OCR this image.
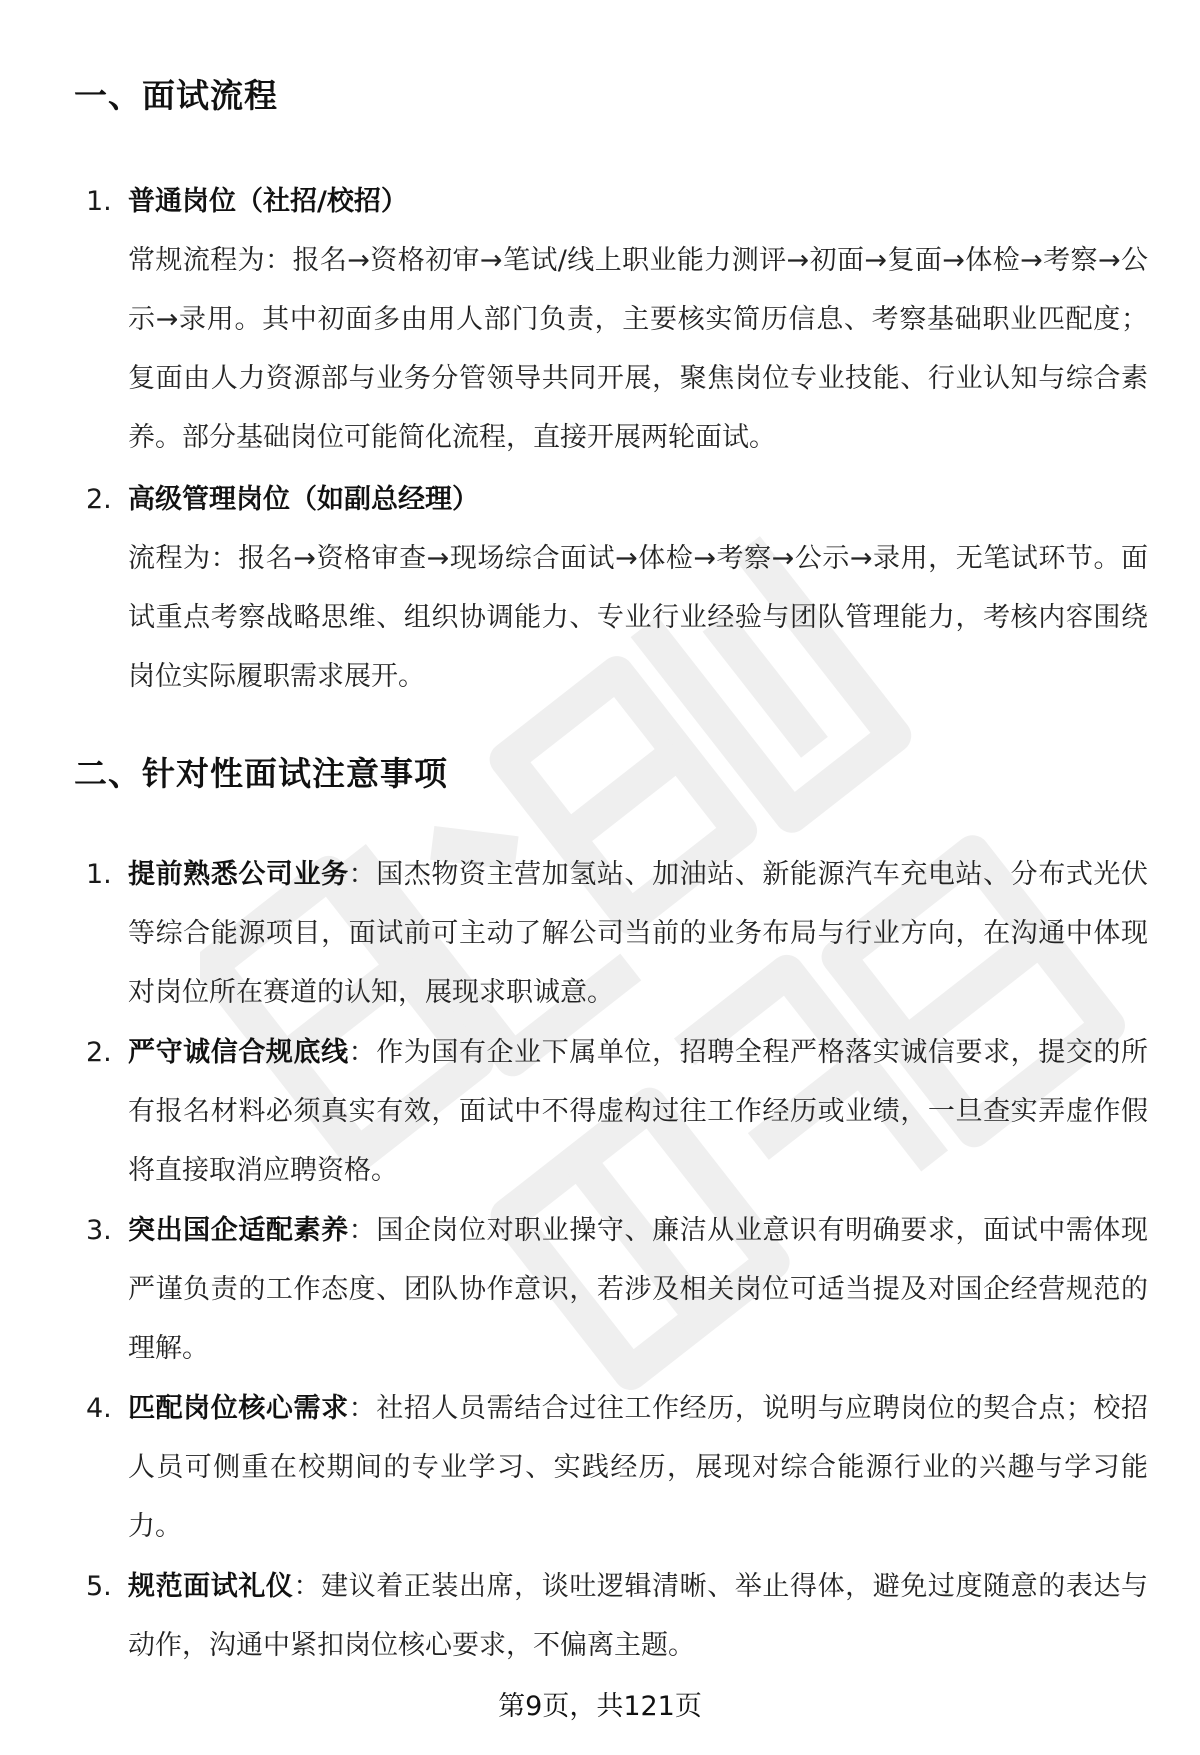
一、面试流程
1. 普通岗位（社招/校招）
常规流程为：报名→资格初审→笔试/线上职业能力测评→初面→复面→体检→考察→公示→录用。其中初面多由用人部门负责，主要核实简历信息、考察基础职业匹配度；复面由人力资源部与业务分管领导共同开展，聚焦岗位专业技能、行业认知与综合素养。部分基础岗位可能简化流程，直接开展两轮面试。
2. 高级管理岗位（如副总经理）
流程为：报名→资格审查→现场综合面试→体检→考察→公示→录用，无笔试环节。面试重点考察战略思维、组织协调能力、专业行业经验与团队管理能力，考核内容围绕岗位实际履职需求展开。
二、针对性面试注意事项
1. 提前熟悉公司业务：国杰物资主营加氢站、加油站、新能源汽车充电站、分布式光伏等综合能源项目，面试前可主动了解公司当前的业务布局与行业方向，在沟通中体现对岗位所在赛道的认知，展现求职诚意。
2. 严守诚信合规底线：作为国有企业下属单位，招聘全程严格落实诚信要求，提交的所有报名材料必须真实有效，面试中不得虚构过往工作经历或业绩，一旦查实弄虚作假将直接取消应聘资格。
3. 突出国企适配素养：国企岗位对职业操守、廉洁从业意识有明确要求，面试中需体现严谨负责的工作态度、团队协作意识，若涉及相关岗位可适当提及对国企经营规范的理解。
4. 匹配岗位核心需求：社招人员需结合过往工作经历，说明与应聘岗位的契合点；校招人员可侧重在校期间的专业学习、实践经历，展现对综合能源行业的兴趣与学习能力。
5. 规范面试礼仪：建议着正装出席，谈吐逻辑清晰、举止得体，避免过度随意的表达与动作，沟通中紧扣岗位核心要求，不偏离主题。
第9页，共121页
